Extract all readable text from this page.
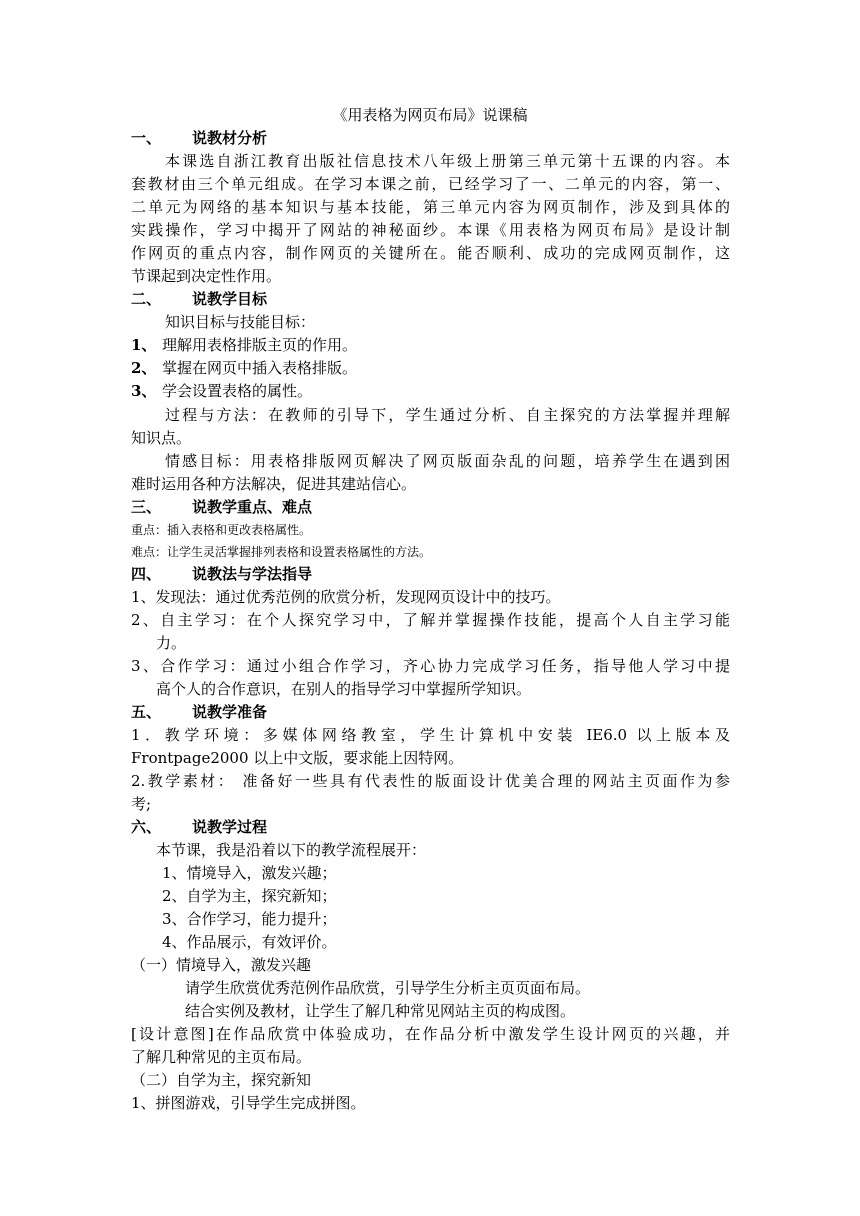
《用表格为网页布局》说课稿
一、 说教材分析
本课选自浙江教育出版社信息技术八年级上册第三单元第十五课的内容。本
套教材由三个单元组成。在学习本课之前，已经学习了一、二单元的内容，第一、
二单元为网络的基本知识与基本技能，第三单元内容为网页制作，涉及到具体的
实践操作，学习中揭开了网站的神秘面纱。本课《用表格为网页布局》是设计制
作网页的重点内容，制作网页的关键所在。能否顺利、成功的完成网页制作，这
节课起到决定性作用。
二、 说教学目标
知识目标与技能目标：
1、 理解用表格排版主页的作用。
2、 掌握在网页中插入表格排版。
3、 学会设置表格的属性。
过程与方法：在教师的引导下，学生通过分析、自主探究的方法掌握并理解
知识点。
情感目标：用表格排版网页解决了网页版面杂乱的问题，培养学生在遇到困
难时运用各种方法解决，促进其建站信心。
三、 说教学重点、难点
重点：插入表格和更改表格属性。
难点：让学生灵活掌握排列表格和设置表格属性的方法。
四、 说教法与学法指导
1、发现法：通过优秀范例的欣赏分析，发现网页设计中的技巧。
2、自主学习：在个人探究学习中，了解并掌握操作技能，提高个人自主学习能
力。
3、合作学习：通过小组合作学习，齐心协力完成学习任务，指导他人学习中提
高个人的合作意识，在别人的指导学习中掌握所学知识。
五、 说教学准备
1．教学环境：多媒体网络教室，学生计算机中安装 IE6.0 以上版本及
Frontpage2000 以上中文版，要求能上因特网。
2.教学素材： 准备好一些具有代表性的版面设计优美合理的网站主页面作为参
考;
六、 说教学过程
本节课，我是沿着以下的教学流程展开：
1、情境导入，激发兴趣；
2、自学为主，探究新知；
3、合作学习，能力提升；
4、作品展示，有效评价。
（一）情境导入，激发兴趣
请学生欣赏优秀范例作品欣赏，引导学生分析主页页面布局。
结合实例及教材，让学生了解几种常见网站主页的构成图。
[设计意图]在作品欣赏中体验成功，在作品分析中激发学生设计网页的兴趣，并
了解几种常见的主页布局。
（二）自学为主，探究新知
1、拼图游戏，引导学生完成拼图。
